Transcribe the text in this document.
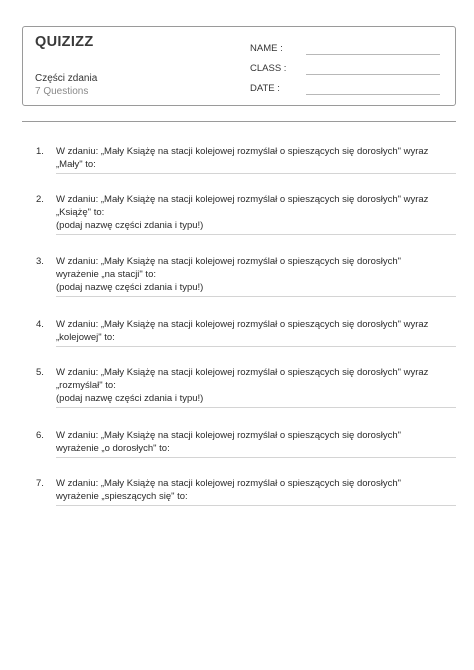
QUIZIZZ
Części zdania
7 Questions
NAME :
CLASS :
DATE :
1. W zdaniu: „Mały Książę na stacji kolejowej rozmyślał o spieszących się dorosłych" wyraz
„Mały" to:
2. W zdaniu: „Mały Książę na stacji kolejowej rozmyślał o spieszących się dorosłych" wyraz
„Książę" to:
(podaj nazwę części zdania i typu!)
3. W zdaniu: „Mały Książę na stacji kolejowej rozmyślał o spieszących się dorosłych"
wyrażenie „na stacji" to:
(podaj nazwę części zdania i typu!)
4. W zdaniu: „Mały Książę na stacji kolejowej rozmyślał o spieszących się dorosłych" wyraz
„kolejowej" to:
5. W zdaniu: „Mały Książę na stacji kolejowej rozmyślał o spieszących się dorosłych" wyraz
„rozmyślał" to:
(podaj nazwę części zdania i typu!)
6. W zdaniu: „Mały Książę na stacji kolejowej rozmyślał o spieszących się dorosłych"
wyrażenie „o dorosłych" to:
7. W zdaniu: „Mały Książę na stacji kolejowej rozmyślał o spieszących się dorosłych"
wyrażenie „spieszących się" to:
